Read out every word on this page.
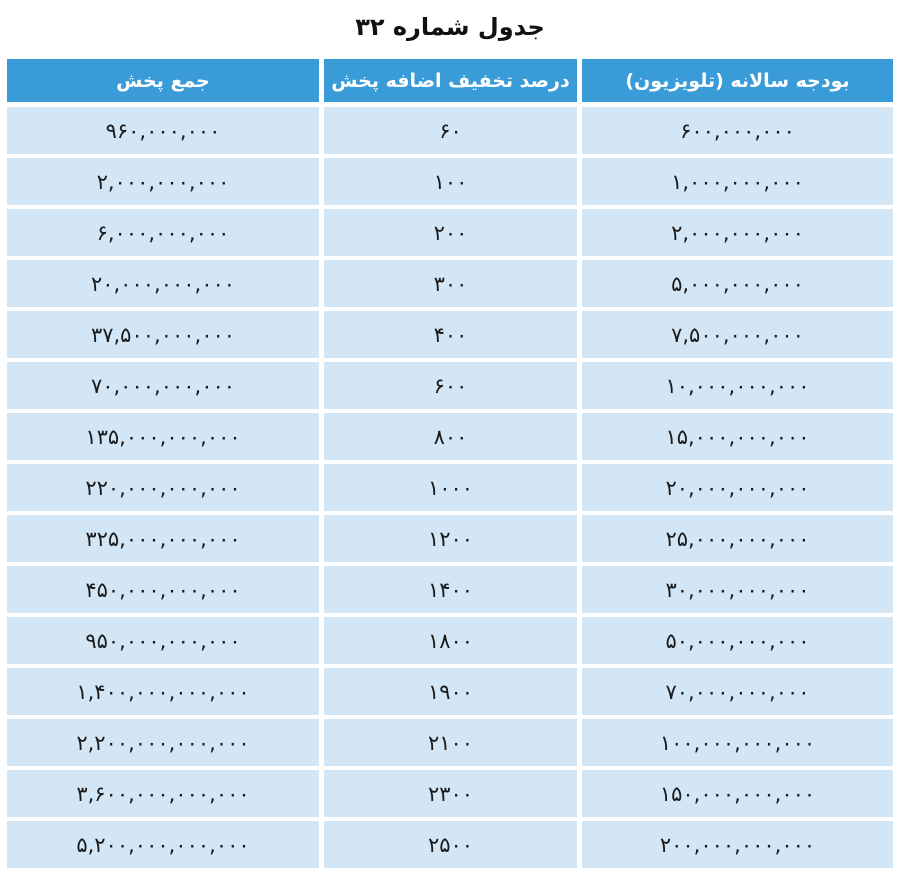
جدول شماره ۳۲
بودجه سالانه (تلویزیون)
درصد تخفیف اضافه پخش
جمع پخش
۶۰۰,۰۰۰,۰۰۰
۶۰
۹۶۰,۰۰۰,۰۰۰
۱,۰۰۰,۰۰۰,۰۰۰
۱۰۰
۲,۰۰۰,۰۰۰,۰۰۰
۲,۰۰۰,۰۰۰,۰۰۰
۲۰۰
۶,۰۰۰,۰۰۰,۰۰۰
۵,۰۰۰,۰۰۰,۰۰۰
۳۰۰
۲۰,۰۰۰,۰۰۰,۰۰۰
۷,۵۰۰,۰۰۰,۰۰۰
۴۰۰
۳۷,۵۰۰,۰۰۰,۰۰۰
۱۰,۰۰۰,۰۰۰,۰۰۰
۶۰۰
۷۰,۰۰۰,۰۰۰,۰۰۰
۱۵,۰۰۰,۰۰۰,۰۰۰
۸۰۰
۱۳۵,۰۰۰,۰۰۰,۰۰۰
۲۰,۰۰۰,۰۰۰,۰۰۰
۱۰۰۰
۲۲۰,۰۰۰,۰۰۰,۰۰۰
۲۵,۰۰۰,۰۰۰,۰۰۰
۱۲۰۰
۳۲۵,۰۰۰,۰۰۰,۰۰۰
۳۰,۰۰۰,۰۰۰,۰۰۰
۱۴۰۰
۴۵۰,۰۰۰,۰۰۰,۰۰۰
۵۰,۰۰۰,۰۰۰,۰۰۰
۱۸۰۰
۹۵۰,۰۰۰,۰۰۰,۰۰۰
۷۰,۰۰۰,۰۰۰,۰۰۰
۱۹۰۰
۱,۴۰۰,۰۰۰,۰۰۰,۰۰۰
۱۰۰,۰۰۰,۰۰۰,۰۰۰
۲۱۰۰
۲,۲۰۰,۰۰۰,۰۰۰,۰۰۰
۱۵۰,۰۰۰,۰۰۰,۰۰۰
۲۳۰۰
۳,۶۰۰,۰۰۰,۰۰۰,۰۰۰
۲۰۰,۰۰۰,۰۰۰,۰۰۰
۲۵۰۰
۵,۲۰۰,۰۰۰,۰۰۰,۰۰۰
